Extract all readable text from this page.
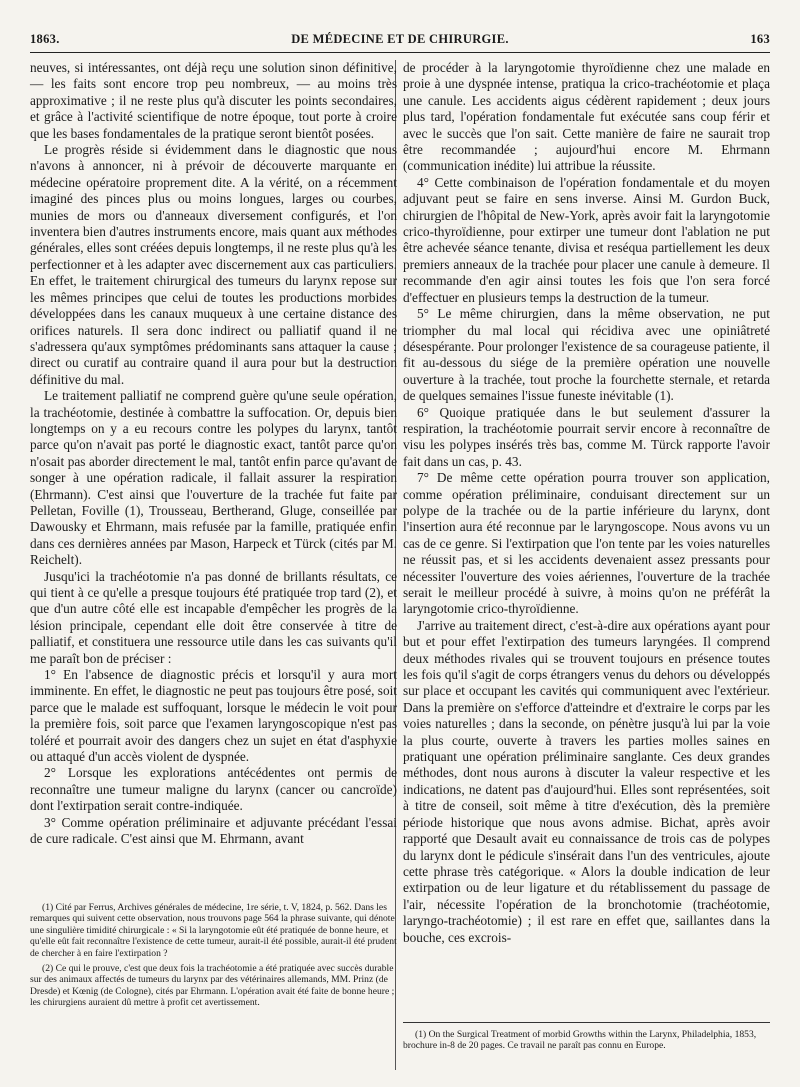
1863.	DE MÉDECINE ET DE CHIRURGIE.	163

neuves, si intéressantes, ont déjà reçu une solution sinon définitive, — les faits sont encore trop peu nombreux, — au moins très approximative ; il ne reste plus qu'à discuter les points secondaires, et grâce à l'activité scientifique de notre époque, tout porte à croire que les bases fondamentales de la pratique seront bientôt posées.

Le progrès réside si évidemment dans le diagnostic que nous n'avons à annoncer, ni à prévoir de découverte marquante en médecine opératoire proprement dite. A la vérité, on a récemment imaginé des pinces plus ou moins longues, larges ou courbes, munies de mors ou d'anneaux diversement configurés, et l'on inventera bien d'autres instruments encore, mais quant aux méthodes générales, elles sont créées depuis longtemps, il ne reste plus qu'à les perfectionner et à les adapter avec discernement aux cas particuliers. En effet, le traitement chirurgical des tumeurs du larynx repose sur les mêmes principes que celui de toutes les productions morbides développées dans les canaux muqueux à une certaine distance des orifices naturels. Il sera donc indirect ou palliatif quand il ne s'adressera qu'aux symptômes prédominants sans attaquer la cause ; direct ou curatif au contraire quand il aura pour but la destruction définitive du mal.

Le traitement palliatif ne comprend guère qu'une seule opération, la trachéotomie, destinée à combattre la suffocation. Or, depuis bien longtemps on y a eu recours contre les polypes du larynx, tantôt parce qu'on n'avait pas porté le diagnostic exact, tantôt parce qu'on n'osait pas aborder directement le mal, tantôt enfin parce qu'avant de songer à une opération radicale, il fallait assurer la respiration (Ehrmann). C'est ainsi que l'ouverture de la trachée fut faite par Pelletan, Foville (1), Trousseau, Bertherand, Gluge, conseillée par Dawousky et Ehrmann, mais refusée par la famille, pratiquée enfin dans ces dernières années par Mason, Harpeck et Türck (cités par M. Reichelt).

Jusqu'ici la trachéotomie n'a pas donné de brillants résultats, ce qui tient à ce qu'elle a presque toujours été pratiquée trop tard (2), et que d'un autre côté elle est incapable d'empêcher les progrès de la lésion principale, cependant elle doit être conservée à titre de palliatif, et constituera une ressource utile dans les cas suivants qu'il me paraît bon de préciser :

1° En l'absence de diagnostic précis et lorsqu'il y aura mort imminente. En effet, le diagnostic ne peut pas toujours être posé, soit parce que le malade est suffoquant, lorsque le médecin le voit pour la première fois, soit parce que l'examen laryngoscopique n'est pas toléré et pourrait avoir des dangers chez un sujet en état d'asphyxie ou attaqué d'un accès violent de dyspnée.

2° Lorsque les explorations antécédentes ont permis de reconnaître une tumeur maligne du larynx (cancer ou cancroïde) dont l'extirpation serait contre-indiquée.

3° Comme opération préliminaire et adjuvante précédant l'essai de cure radicale. C'est ainsi que M. Ehrmann, avant

(1) Cité par Ferrus, Archives générales de médecine, 1re série, t. V, 1824, p. 562. Dans les remarques qui suivent cette observation, nous trouvons page 564 la phrase suivante, qui dénote une singulière timidité chirurgicale : « Si la laryngotomie eût été pratiquée de bonne heure, et qu'elle eût fait reconnaître l'existence de cette tumeur, aurait-il été possible, aurait-il été prudent de chercher à en faire l'extirpation ?
(2) Ce qui le prouve, c'est que deux fois la trachéotomie a été pratiquée avec succès durable sur des animaux affectés de tumeurs du larynx par des vétérinaires allemands, MM. Prinz (de Dresde) et Kœnig (de Cologne), cités par Ehrmann. L'opération avait été faite de bonne heure ; les chirurgiens auraient dû mettre à profit cet avertissement.

de procéder à la laryngotomie thyroïdienne chez une malade en proie à une dyspnée intense, pratiqua la crico-trachéotomie et plaça une canule. Les accidents aigus cédèrent rapidement ; deux jours plus tard, l'opération fondamentale fut exécutée sans coup férir et avec le succès que l'on sait. Cette manière de faire ne saurait trop être recommandée ; aujourd'hui encore M. Ehrmann (communication inédite) lui attribue la réussite.

4° Cette combinaison de l'opération fondamentale et du moyen adjuvant peut se faire en sens inverse. Ainsi M. Gurdon Buck, chirurgien de l'hôpital de New-York, après avoir fait la laryngotomie crico-thyroïdienne, pour extirper une tumeur dont l'ablation ne put être achevée séance tenante, divisa et reséqua partiellement les deux premiers anneaux de la trachée pour placer une canule à demeure. Il recommande d'en agir ainsi toutes les fois que l'on sera forcé d'effectuer en plusieurs temps la destruction de la tumeur.

5° Le même chirurgien, dans la même observation, ne put triompher du mal local qui récidiva avec une opiniâtreté désespérante. Pour prolonger l'existence de sa courageuse patiente, il fit au-dessous du siége de la première opération une nouvelle ouverture à la trachée, tout proche la fourchette sternale, et retarda de quelques semaines l'issue funeste inévitable (1).

6° Quoique pratiquée dans le but seulement d'assurer la respiration, la trachéotomie pourrait servir encore à reconnaître de visu les polypes insérés très bas, comme M. Türck rapporte l'avoir fait dans un cas, p. 43.

7° De même cette opération pourra trouver son application, comme opération préliminaire, conduisant directement sur un polype de la trachée ou de la partie inférieure du larynx, dont l'insertion aura été reconnue par le laryngoscope. Nous avons vu un cas de ce genre. Si l'extirpation que l'on tente par les voies naturelles ne réussit pas, et si les accidents devenaient assez pressants pour nécessiter l'ouverture des voies aériennes, l'ouverture de la trachée serait le meilleur procédé à suivre, à moins qu'on ne préférât la laryngotomie crico-thyroïdienne.

J'arrive au traitement direct, c'est-à-dire aux opérations ayant pour but et pour effet l'extirpation des tumeurs laryngées. Il comprend deux méthodes rivales qui se trouvent toujours en présence toutes les fois qu'il s'agit de corps étrangers venus du dehors ou développés sur place et occupant les cavités qui communiquent avec l'extérieur. Dans la première on s'efforce d'atteindre et d'extraire le corps par les voies naturelles ; dans la seconde, on pénètre jusqu'à lui par la voie la plus courte, ouverte à travers les parties molles saines en pratiquant une opération préliminaire sanglante. Ces deux grandes méthodes, dont nous aurons à discuter la valeur respective et les indications, ne datent pas d'aujourd'hui. Elles sont représentées, soit à titre de conseil, soit même à titre d'exécution, dès la première période historique que nous avons admise. Bichat, après avoir rapporté que Desault avait eu connaissance de trois cas de polypes du larynx dont le pédicule s'insérait dans l'un des ventricules, ajoute cette phrase très catégorique. « Alors la double indication de leur extirpation ou de leur ligature et du rétablissement du passage de l'air, nécessite l'opération de la bronchotomie (trachéotomie, laryngo-trachéotomie) ; il est rare en effet que, saillantes dans la bouche, ces excrois-

(1) On the Surgical Treatment of morbid Growths within the Larynx, Philadelphia, 1853, brochure in-8 de 20 pages. Ce travail ne paraît pas connu en Europe.
